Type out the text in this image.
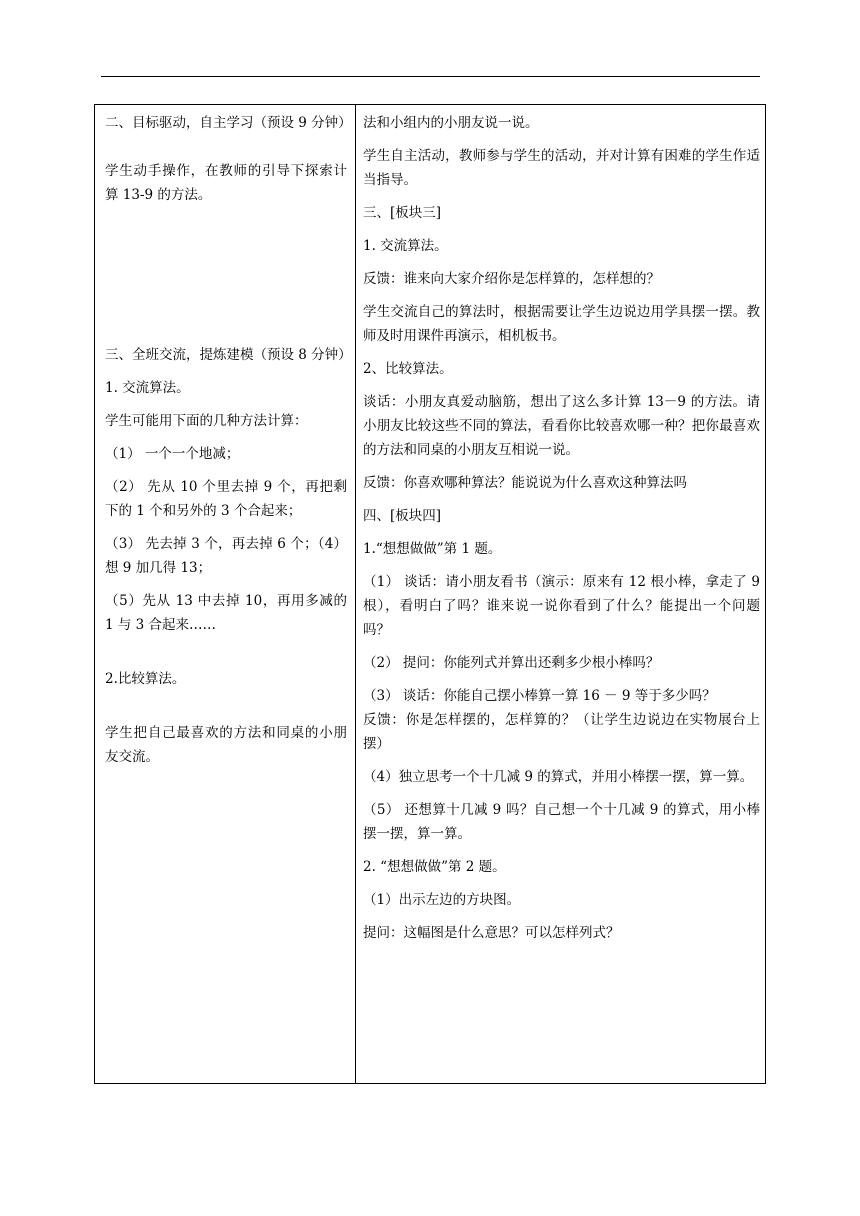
二、目标驱动，自主学习（预设 9 分钟）

学生动手操作，在教师的引导下探索计算 13-9 的方法。

三、全班交流，提炼建模（预设 8 分钟）

1. 交流算法。

学生可能用下面的几种方法计算：

（1） 一个一个地减；

（2） 先从 10 个里去掉 9 个，再把剩下的 1 个和另外的 3 个合起来；

（3） 先去掉 3 个，再去掉 6 个；（4）想 9 加几得 13；

（5）先从 13 中去掉 10，再用多减的 1 与 3 合起来……

2.比较算法。

学生把自己最喜欢的方法和同桌的小朋友交流。

法和小组内的小朋友说一说。

学生自主活动，教师参与学生的活动，并对计算有困难的学生作适当指导。

三、[板块三]

1. 交流算法。

反馈：谁来向大家介绍你是怎样算的，怎样想的？

学生交流自己的算法时，根据需要让学生边说边用学具摆一摆。教师及时用课件再演示，相机板书。

2、比较算法。

谈话：小朋友真爱动脑筋，想出了这么多计算 13－9 的方法。请小朋友比较这些不同的算法，看看你比较喜欢哪一种？把你最喜欢的方法和同桌的小朋友互相说一说。

反馈：你喜欢哪种算法？能说说为什么喜欢这种算法吗

四、[板块四]

1.“想想做做”第 1 题。

（1） 谈话：请小朋友看书（演示：原来有 12 根小棒，拿走了 9 根），看明白了吗？谁来说一说你看到了什么？能提出一个问题吗？

（2） 提问：你能列式并算出还剩多少根小棒吗？

（3） 谈话：你能自己摆小棒算一算 16 － 9 等于多少吗？

反馈：你是怎样摆的，怎样算的？（让学生边说边在实物展台上摆）

（4）独立思考一个十几减 9 的算式，并用小棒摆一摆，算一算。

（5） 还想算十几减 9 吗？自己想一个十几减 9 的算式，用小棒摆一摆，算一算。

2. “想想做做”第 2 题。

（1）出示左边的方块图。

提问：这幅图是什么意思？可以怎样列式？
